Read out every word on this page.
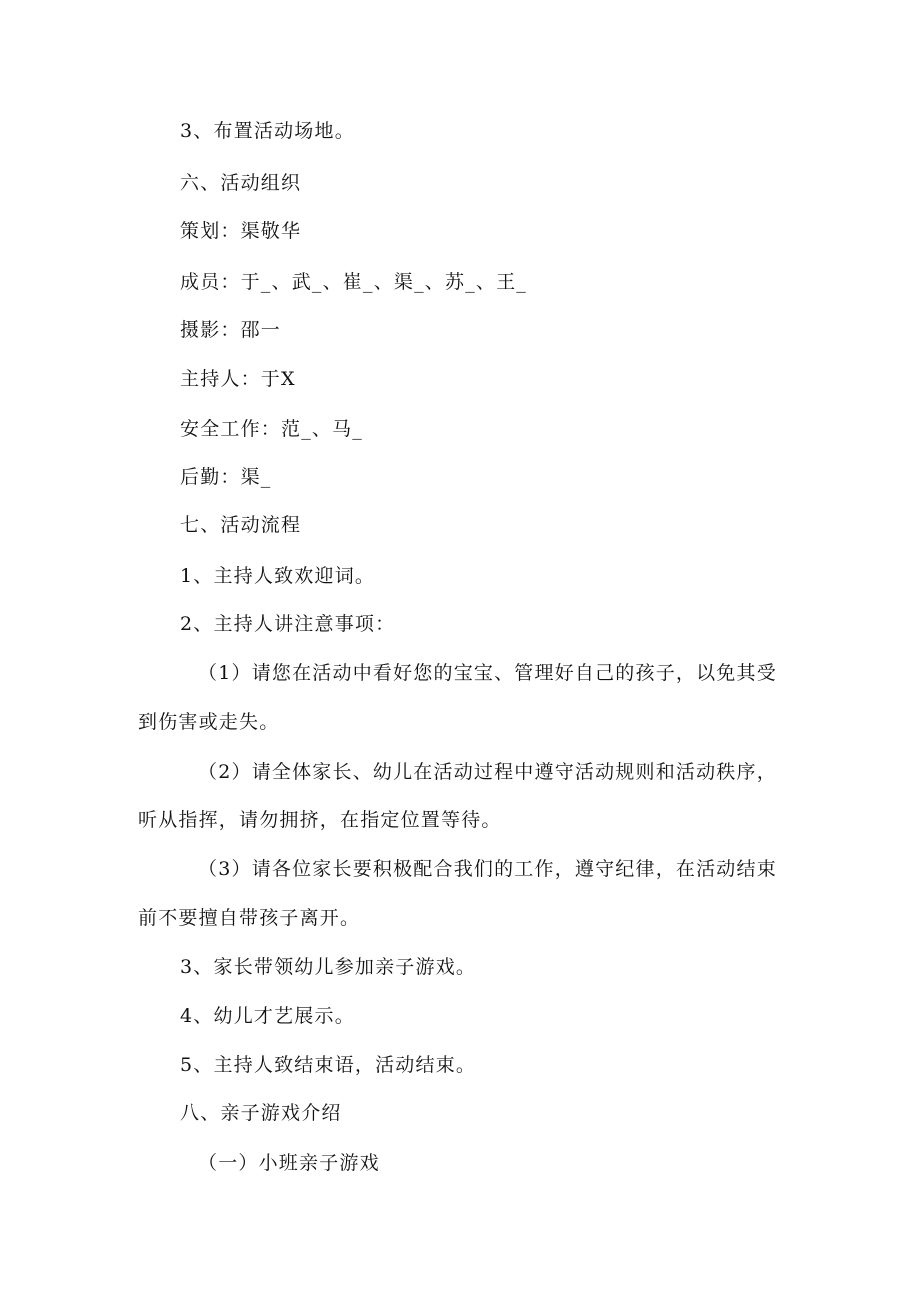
3、布置活动场地。
六、活动组织
策划：渠敬华
成员：于_、武_、崔_、渠_、苏_、王_
摄影：邵一
主持人：于X
安全工作：范_、马_
后勤：渠_
七、活动流程
1、主持人致欢迎词。
2、主持人讲注意事项：
（1）请您在活动中看好您的宝宝、管理好自己的孩子，以免其受
到伤害或走失。
（2）请全体家长、幼儿在活动过程中遵守活动规则和活动秩序，
听从指挥，请勿拥挤，在指定位置等待。
（3）请各位家长要积极配合我们的工作，遵守纪律，在活动结束
前不要擅自带孩子离开。
3、家长带领幼儿参加亲子游戏。
4、幼儿才艺展示。
5、主持人致结束语，活动结束。
八、亲子游戏介绍
（一）小班亲子游戏
